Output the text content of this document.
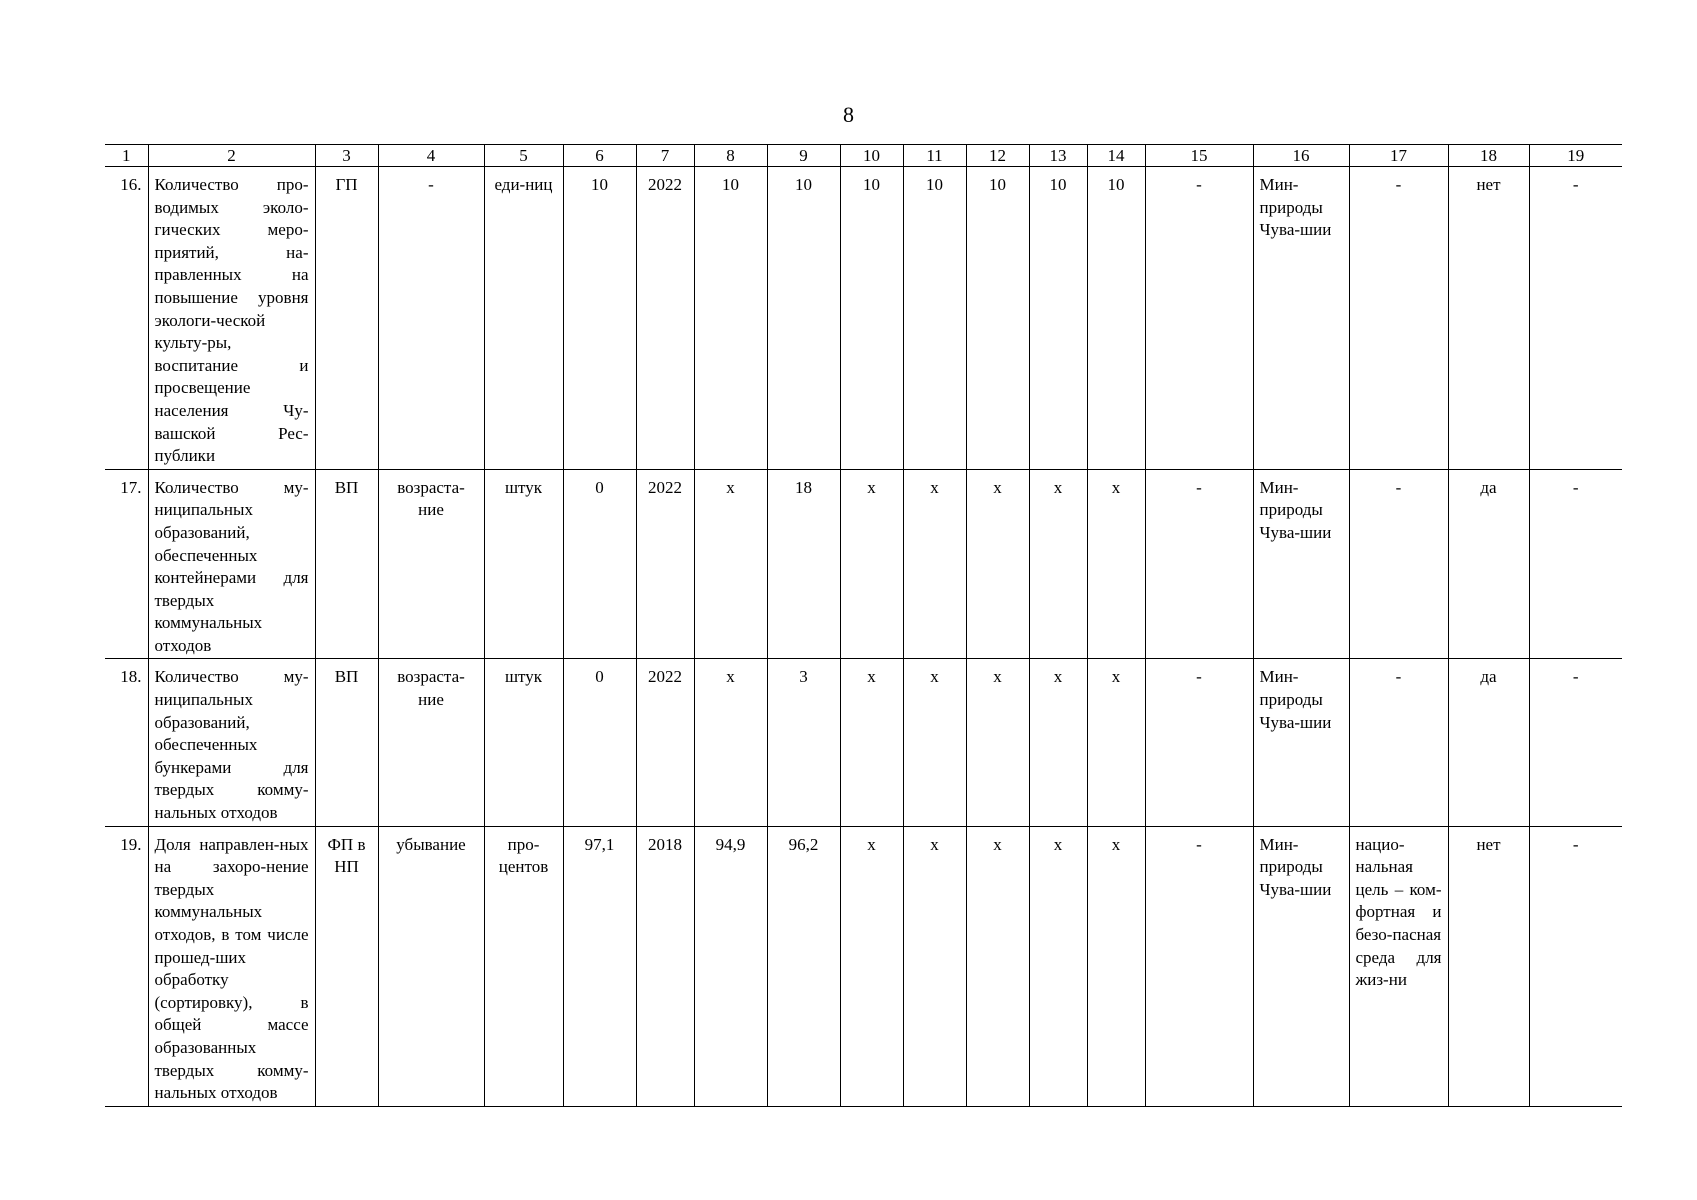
8
1	2	3	4	5	6	7	8	9	10	11	12	13	14	15	16	17	18	19
16.	Количество про-водимых эколо-гических меро-приятий, на-правленных на повышение уровня экологи-ческой культу-ры, воспитание и просвещение населения Чу-вашской Рес-публики	ГП	-	еди-ниц	10	2022	10	10	10	10	10	10	10	-	Мин-природы Чува-шии	-	нет	-
17.	Количество му-ниципальных образований, обеспеченных контейнерами для твердых коммунальных отходов	ВП	возраста-ние	штук	0	2022	х	18	х	х	х	х	х	-	Мин-природы Чува-шии	-	да	-
18.	Количество му-ниципальных образований, обеспеченных бункерами для твердых комму-нальных отходов	ВП	возраста-ние	штук	0	2022	х	3	х	х	х	х	х	-	Мин-природы Чува-шии	-	да	-
19.	Доля направлен-ных на захоро-нение твердых коммунальных отходов, в том числе прошед-ших обработку (сортировку), в общей массе образованных твердых комму-нальных отходов	ФП в НП	убывание	про-центов	97,1	2018	94,9	96,2	х	х	х	х	х	-	Мин-природы Чува-шии	нацио-нальная цель – ком-фортная и безо-пасная среда для жиз-ни	нет	-
